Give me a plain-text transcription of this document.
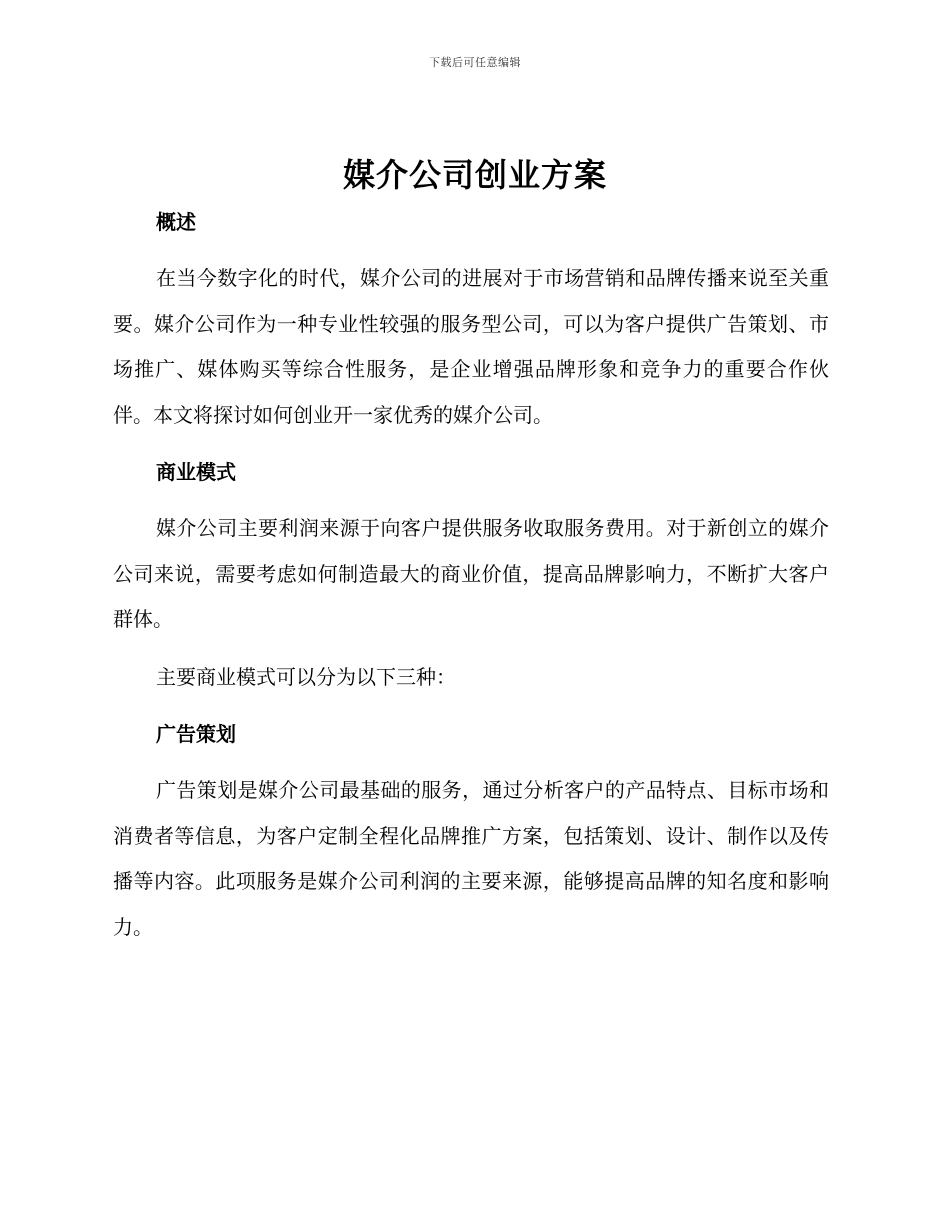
下载后可任意编辑
媒介公司创业方案
概述

在当今数字化的时代，媒介公司的进展对于市场营销和品牌传播来说至关重要。媒介公司作为一种专业性较强的服务型公司，可以为客户提供广告策划、市场推广、媒体购买等综合性服务，是企业增强品牌形象和竞争力的重要合作伙伴。本文将探讨如何创业开一家优秀的媒介公司。

商业模式

媒介公司主要利润来源于向客户提供服务收取服务费用。对于新创立的媒介公司来说，需要考虑如何制造最大的商业价值，提高品牌影响力，不断扩大客户群体。

主要商业模式可以分为以下三种：

广告策划

广告策划是媒介公司最基础的服务，通过分析客户的产品特点、目标市场和消费者等信息，为客户定制全程化品牌推广方案，包括策划、设计、制作以及传播等内容。此项服务是媒介公司利润的主要来源，能够提高品牌的知名度和影响力。
